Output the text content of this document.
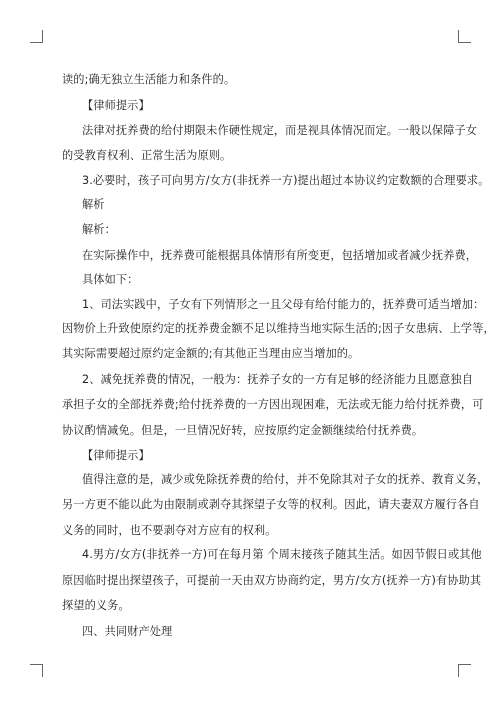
读的;确无独立生活能力和条件的。
【律师提示】
法律对抚养费的给付期限未作硬性规定，而是视具体情况而定。一般以保障子女
的受教育权利、正常生活为原则。
3.必要时，孩子可向男方/女方(非抚养一方)提出超过本协议约定数额的合理要求。
解析
解析：
在实际操作中，抚养费可能根据具体情形有所变更，包括增加或者减少抚养费，
具体如下：
1、司法实践中，子女有下列情形之一且父母有给付能力的，抚养费可适当增加：
因物价上升致使原约定的抚养费金额不足以维持当地实际生活的;因子女患病、上学等，
其实际需要超过原约定金额的;有其他正当理由应当增加的。
2、减免抚养费的情况，一般为：抚养子女的一方有足够的经济能力且愿意独自
承担子女的全部抚养费;给付抚养费的一方因出现困难，无法或无能力给付抚养费，可
协议酌情减免。但是，一旦情况好转，应按原约定金额继续给付抚养费。
【律师提示】
值得注意的是，减少或免除抚养费的给付，并不免除其对子女的抚养、教育义务，
另一方更不能以此为由限制或剥夺其探望子女等的权利。因此，请夫妻双方履行各自
义务的同时，也不要剥夺对方应有的权利。
4.男方/女方(非抚养一方)可在每月第 个周末接孩子随其生活。如因节假日或其他
原因临时提出探望孩子，可提前一天由双方协商约定，男方/女方(抚养一方)有协助其
探望的义务。
四、共同财产处理
